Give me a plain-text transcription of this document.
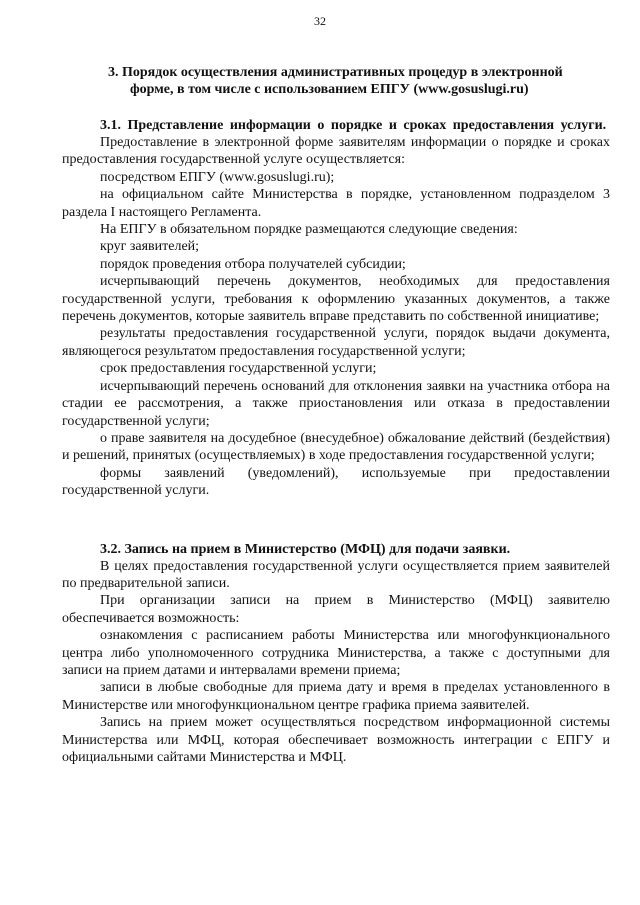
32
3. Порядок осуществления административных процедур в электронной
форме, в том числе с использованием ЕПГУ (www.gosuslugi.ru)
3.1. Представление информации о порядке и сроках предоставления услуги.

Предоставление в электронной форме заявителям информации о порядке и сроках предоставления государственной услуге осуществляется:

посредством ЕПГУ (www.gosuslugi.ru);

на официальном сайте Министерства в порядке, установленном подразделом 3 раздела I настоящего Регламента.

На ЕПГУ в обязательном порядке размещаются следующие сведения:

круг заявителей;

порядок проведения отбора получателей субсидии;

исчерпывающий перечень документов, необходимых для предоставления государственной услуги, требования к оформлению указанных документов, а также перечень документов, которые заявитель вправе представить по собственной инициативе;

результаты предоставления государственной услуги, порядок выдачи документа, являющегося результатом предоставления государственной услуги;

срок предоставления государственной услуги;

исчерпывающий перечень оснований для отклонения заявки на участника отбора на стадии ее рассмотрения, а также приостановления или отказа в предоставлении государственной услуги;

о праве заявителя на досудебное (внесудебное) обжалование действий (бездействия) и решений, принятых (осуществляемых) в ходе предоставления государственной услуги;

формы заявлений (уведомлений), используемые при предоставлении государственной услуги.

3.2. Запись на прием в Министерство (МФЦ) для подачи заявки.

В целях предоставления государственной услуги осуществляется прием заявителей по предварительной записи.

При организации записи на прием в Министерство (МФЦ) заявителю обеспечивается возможность:

ознакомления с расписанием работы Министерства или многофункционального центра либо уполномоченного сотрудника Министерства, а также с доступными для записи на прием датами и интервалами времени приема;

записи в любые свободные для приема дату и время в пределах установленного в Министерстве или многофункциональном центре графика приема заявителей.

Запись на прием может осуществляться посредством информационной системы Министерства или МФЦ, которая обеспечивает возможность интеграции с ЕПГУ и официальными сайтами Министерства и МФЦ.
